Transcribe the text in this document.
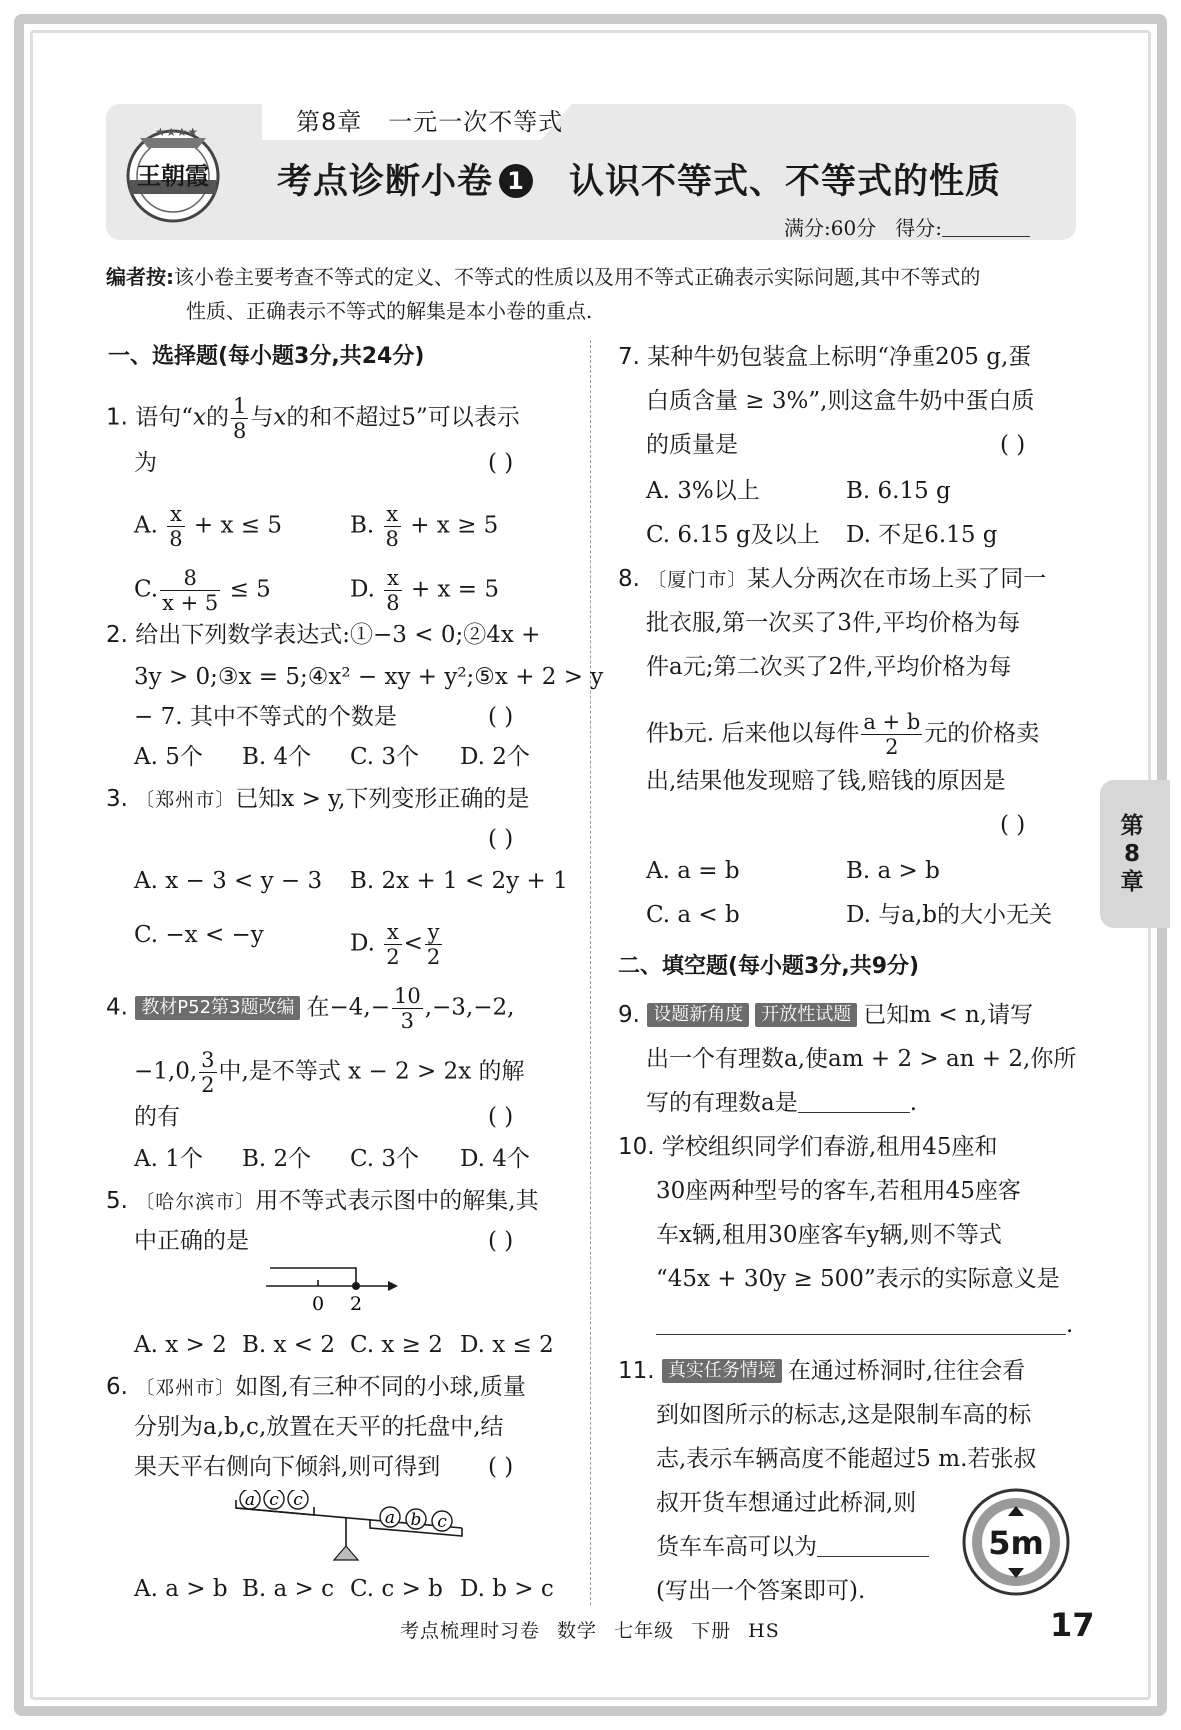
★★★★
王朝霞
第8章 一元一次不等式
考点诊断小卷 1 认识不等式、不等式的性质
满分:60分 得分:
编者按:该小卷主要考查不等式的定义、不等式的性质以及用不等式正确表示实际问题,其中不等式的
性质、正确表示不等式的解集是本小卷的重点.
一、选择题(每小题3分,共24分)
1. 语句“x的 $\frac{1}{8}$ 与x的和不超过5”可以表示
为	( )
A. $\frac{x}{8} + x \le 5$	B. $\frac{x}{8} + x \ge 5$
C. $\frac{8}{x + 5} \le 5$	D. $\frac{x}{8} + x = 5$
2. 给出下列数学表达式:①−3 < 0;②4x +
3y > 0;③x = 5;④x² − xy + y²;⑤x + 2 > y
− 7. 其中不等式的个数是	( )
A. 5个 B. 4个 C. 3个 D. 2个
3. 〔郑州市〕已知x > y,下列变形正确的是
( )
A. x − 3 < y − 3 B. 2x + 1 < 2y + 1
C. −x < −y	D. $\frac{x}{2} < \frac{y}{2}$
4. 教材P52第3题改编 在$-4,- \frac{10}{3} ,-3,-2$,
−1,0, $\frac{3}{2}$ 中,是不等式 x − 2 > 2x 的解
的有	( )
A. 1个 B. 2个 C. 3个 D. 4个
5. 〔哈尔滨市〕用不等式表示图中的解集,其
中正确的是	( )
0 2
A. x > 2 B. x < 2 C. x ≥ 2 D. x ≤ 2
6. 〔邓州市〕如图,有三种不同的小球,质量
分别为a,b,c,放置在天平的托盘中,结
果天平右侧向下倾斜,则可得到 ( )
a c c
a b c
A. a > b B. a > c C. c > b D. b > c
7. 某种牛奶包装盒上标明“净重205 g,蛋
白质含量 ≥ 3%”,则这盒牛奶中蛋白质
的质量是	( )
A. 3%以上	B. 6.15 g
C. 6.15 g及以上 D. 不足6.15 g
8. 〔厦门市〕某人分两次在市场上买了同一
批衣服,第一次买了3件,平均价格为每
件a元;第二次买了2件,平均价格为每
件b元. 后来他以每件 $\frac{a + b}{2}$ 元的价格卖
出,结果他发现赔了钱,赔钱的原因是
( )
A. a = b	B. a > b
C. a < b	D. 与a,b的大小无关
二、填空题(每小题3分,共9分)
9. 设题新角度 开放性试题 已知m < n,请写
出一个有理数a,使am + 2 > an + 2,你所
写的有理数a是	.
10. 学校组织同学们春游,租用45座和
30座两种型号的客车,若租用45座客
车x辆,租用30座客车y辆,则不等式
“45x + 30y ≥ 500”表示的实际意义是
.
11. 真实任务情境 在通过桥洞时,往往会看
到如图所示的标志,这是限制车高的标
志,表示车辆高度不能超过5 m.若张叔
叔开货车想通过此桥洞,则
货车车高可以为
(写出一个答案即可).
5m
第
8
章
考点梳理时习卷 数学 七年级 下册 HS	17
